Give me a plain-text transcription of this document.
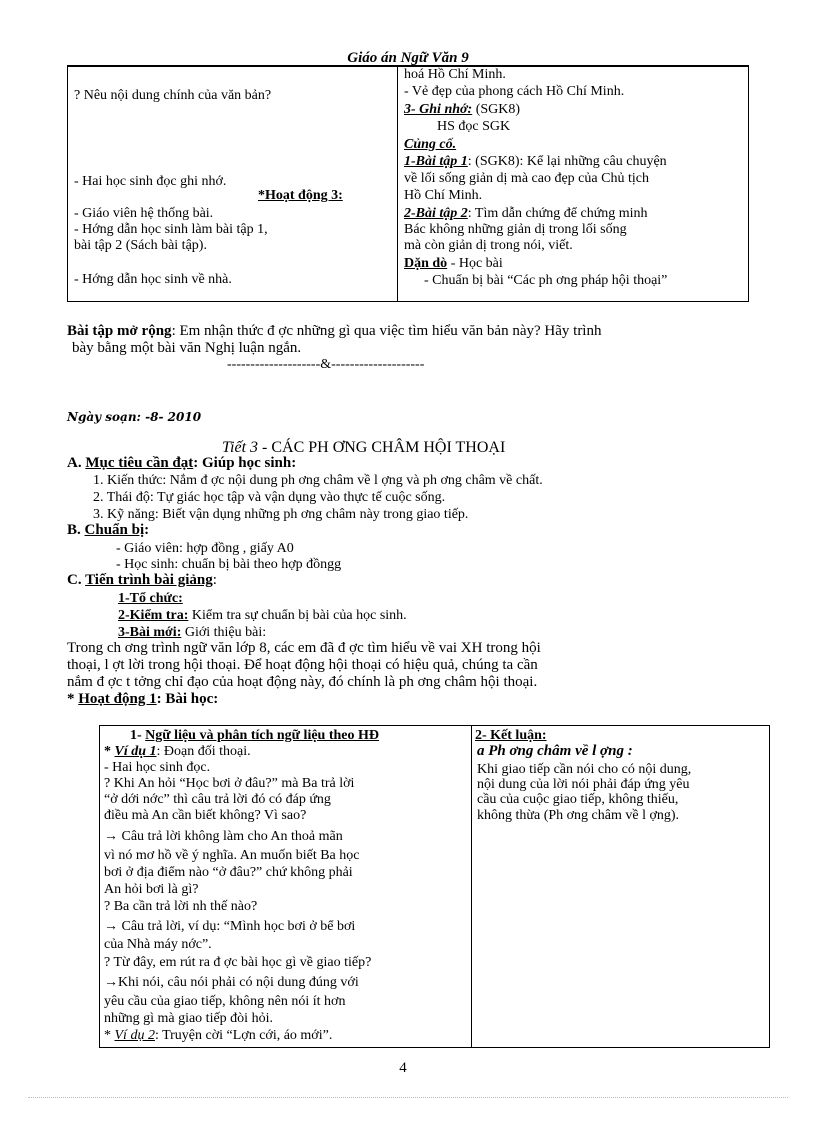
Giáo án Ngữ Văn 9
? Nêu nội dung chính của văn bản?
- Hai học sinh đọc ghi nhớ.
*Hoạt động 3:
- Giáo viên hệ thống bài.
- Hớng dẫn học sinh làm bài tập 1,
bài tập 2 (Sách bài tập).
- Hớng dẫn học sinh về nhà.
hoá Hồ Chí Minh.
- Vẻ đẹp của phong cách Hồ Chí Minh.
3- Ghi nhớ: (SGK8)
HS đọc SGK
Củng cố.
1-Bài tập 1: (SGK8): Kể lại những câu chuyện
về lối sống giản dị mà cao đẹp của Chủ tịch
Hồ Chí Minh.
2-Bài tập 2: Tìm dẫn chứng để chứng minh
Bác không những giản dị trong lối sống
mà còn giản dị trong nói, viết.
Dặn dò - Học bài
- Chuẩn bị bài “Các ph ơng pháp hội thoại”
Bài tập mở rộng: Em nhận thức đ ợc những gì qua việc tìm hiểu văn bản này? Hãy trình
bày bằng một bài văn Nghị luận ngắn.
--------------------&--------------------
Ngày soạn: -8- 2010
Tiết 3 - CÁC PH ƠNG CHÂM HỘI THOẠI
A. Mục tiêu cần đạt: Giúp học sinh:
1. Kiến thức: Nắm đ ợc nội dung ph ơng châm về l ợng và ph ơng châm về chất.
2. Thái độ: Tự giác học tập và vận dụng vào thực tế cuộc sống.
3. Kỹ năng: Biết vận dụng những ph ơng châm này trong giao tiếp.
B. Chuẩn bị:
- Giáo viên: hợp đồng , giấy A0
- Học sinh: chuẩn bị bài theo hợp đồngg
C. Tiến trình bài giảng:
1-Tổ chức:
2-Kiểm tra: Kiểm tra sự chuẩn bị bài của học sinh.
3-Bài mới: Giới thiệu bài:
Trong ch ơng trình ngữ văn lớp 8, các em đã đ ợc tìm hiểu về vai XH trong hội
thoại, l ợt lời trong hội thoại. Để hoạt động hội thoại có hiệu quả, chúng ta cần
nắm đ ợc t tởng chỉ đạo của hoạt động này, đó chính là ph ơng châm hội thoại.
* Hoạt động 1: Bài học:
1- Ngữ liệu và phân tích ngữ liệu theo HĐ
* Ví dụ 1: Đoạn đối thoại.
- Hai học sinh đọc.
? Khi An hỏi “Học bơi ở đâu?” mà Ba trả lời
“ở dới nớc” thì câu trả lời đó có đáp ứng
điều mà An cần biết không? Vì sao?
→ Câu trả lời không làm cho An thoả mãn
vì nó mơ hồ về ý nghĩa. An muốn biết Ba học
bơi ở địa điểm nào “ở đâu?” chứ không phải
An hỏi bơi là gì?
? Ba cần trả lời nh thế nào?
→ Câu trả lời, ví dụ: “Mình học bơi ở bể bơi
của Nhà máy nớc”.
? Từ đây, em rút ra đ ợc bài học gì về giao tiếp?
→Khi nói, câu nói phải có nội dung đúng với
yêu cầu của giao tiếp, không nên nói ít hơn
những gì mà giao tiếp đòi hỏi.
* Ví dụ 2: Truyện cời “Lợn cới, áo mới”.
2- Kết luận:
a Ph ơng châm về l ợng :
Khi giao tiếp cần nói cho có nội dung,
nội dung của lời nói phải đáp ứng yêu
cầu của cuộc giao tiếp, không thiếu,
không thừa (Ph ơng châm về l ợng).
4
